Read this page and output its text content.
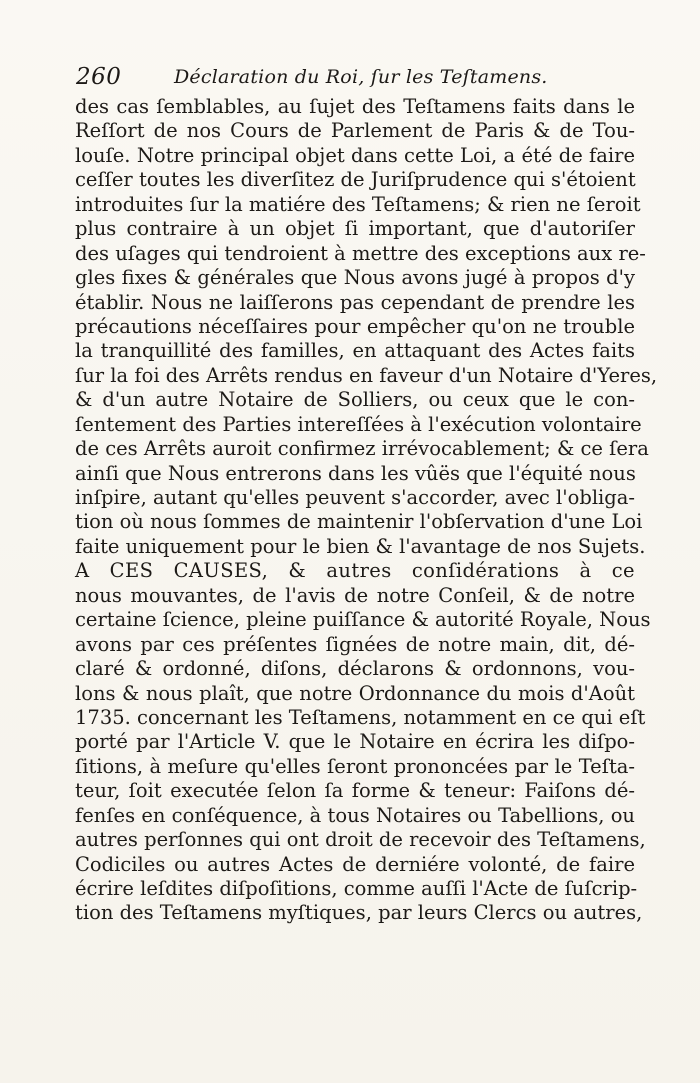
260	Déclaration du Roi, ſur les Teſtamens.
des cas ſemblables, au ſujet des Teſtamens faits dans le
Reſſort de nos Cours de Parlement de Paris & de Tou-
louſe. Notre principal objet dans cette Loi, a été de faire
ceſſer toutes les diverſitez de Juriſprudence qui s'étoient
introduites ſur la matiére des Teſtamens; & rien ne ſeroit
plus contraire à un objet ſi important, que d'autoriſer
des uſages qui tendroient à mettre des exceptions aux re-
gles fixes & générales que Nous avons jugé à propos d'y
établir. Nous ne laiſſerons pas cependant de prendre les
précautions néceſſaires pour empêcher qu'on ne trouble
la tranquillité des familles, en attaquant des Actes faits
ſur la foi des Arrêts rendus en faveur d'un Notaire d'Yeres,
& d'un autre Notaire de Solliers, ou ceux que le con-
ſentement des Parties intereſſées à l'exécution volontaire
de ces Arrêts auroit confirmez irrévocablement; & ce ſera
ainſi que Nous entrerons dans les vûës que l'équité nous
inſpire, autant qu'elles peuvent s'accorder, avec l'obliga-
tion où nous ſommes de maintenir l'obſervation d'une Loi
faite uniquement pour le bien & l'avantage de nos Sujets.
A CES CAUSES, & autres conſidérations à ce
nous mouvantes, de l'avis de notre Conſeil, & de notre
certaine ſcience, pleine puiſſance & autorité Royale, Nous
avons par ces préſentes ſignées de notre main, dit, dé-
claré & ordonné, diſons, déclarons & ordonnons, vou-
lons & nous plaît, que notre Ordonnance du mois d'Août
1735. concernant les Teſtamens, notamment en ce qui eſt
porté par l'Article V. que le Notaire en écrira les diſpo-
ſitions, à meſure qu'elles ſeront prononcées par le Teſta-
teur, ſoit executée ſelon ſa forme & teneur: Faiſons dé-
fenſes en conſéquence, à tous Notaires ou Tabellions, ou
autres perſonnes qui ont droit de recevoir des Teſtamens,
Codiciles ou autres Actes de derniére volonté, de faire
écrire leſdites diſpoſitions, comme auſſi l'Acte de ſuſcrip-
tion des Teſtamens myſtiques, par leurs Clercs ou autres,
